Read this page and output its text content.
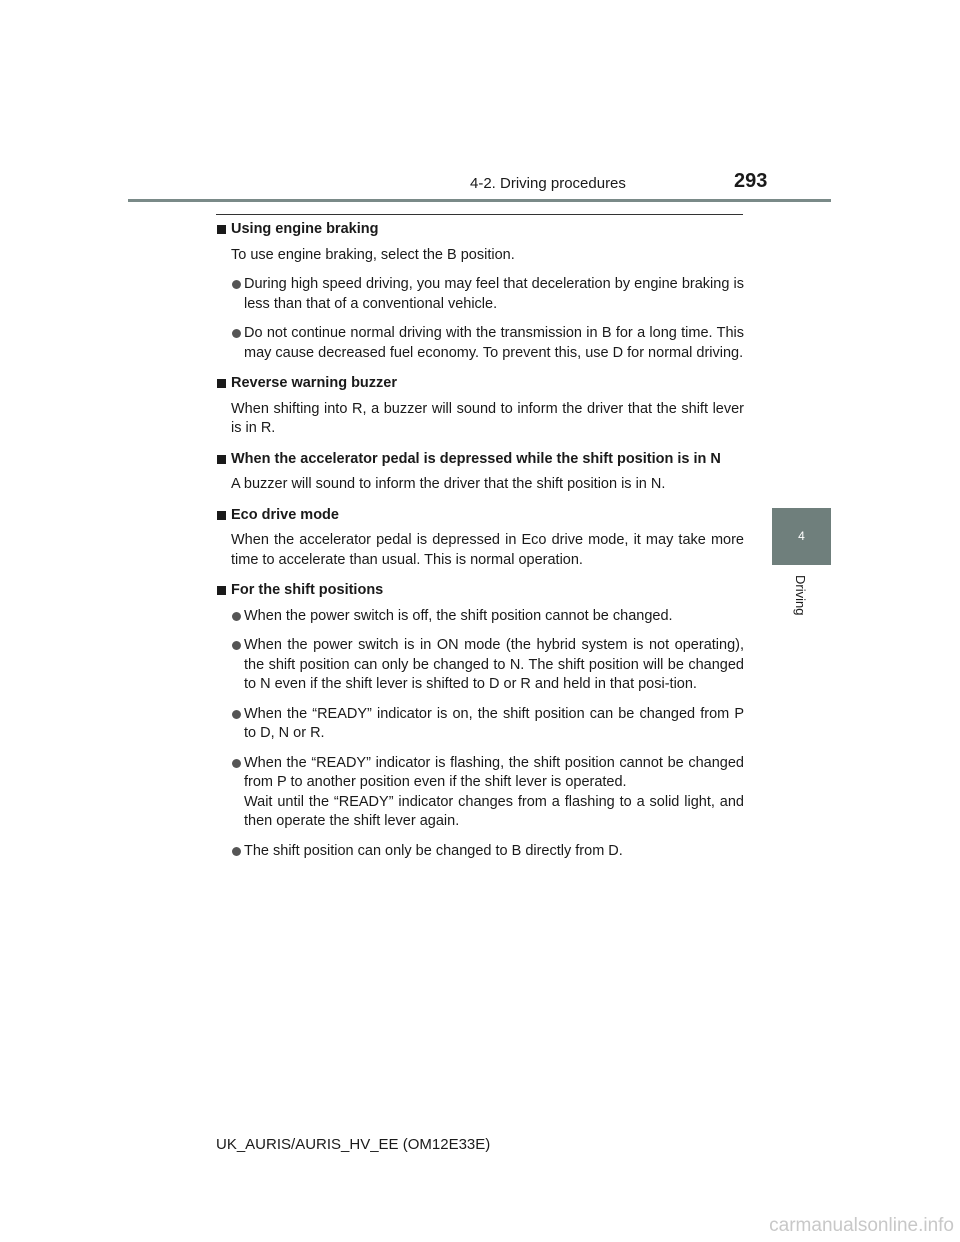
4-2. Driving procedures	293
4
Driving
Using engine braking
To use engine braking, select the B position.
During high speed driving, you may feel that deceleration by engine braking is less than that of a conventional vehicle.
Do not continue normal driving with the transmission in B for a long time. This may cause decreased fuel economy. To prevent this, use D for normal driving.
Reverse warning buzzer
When shifting into R, a buzzer will sound to inform the driver that the shift lever is in R.
When the accelerator pedal is depressed while the shift position is in N
A buzzer will sound to inform the driver that the shift position is in N.
Eco drive mode
When the accelerator pedal is depressed in Eco drive mode, it may take more time to accelerate than usual. This is normal operation.
For the shift positions
When the power switch is off, the shift position cannot be changed.
When the power switch is in ON mode (the hybrid system is not operating), the shift position can only be changed to N. The shift position will be changed to N even if the shift lever is shifted to D or R and held in that posi-tion.
When the “READY” indicator is on, the shift position can be changed from P to D, N or R.
When the “READY” indicator is flashing, the shift position cannot be changed from P to another position even if the shift lever is operated.
Wait until the “READY” indicator changes from a flashing to a solid light, and then operate the shift lever again.
The shift position can only be changed to B directly from D.
UK_AURIS/AURIS_HV_EE (OM12E33E)
carmanualsonline.info
